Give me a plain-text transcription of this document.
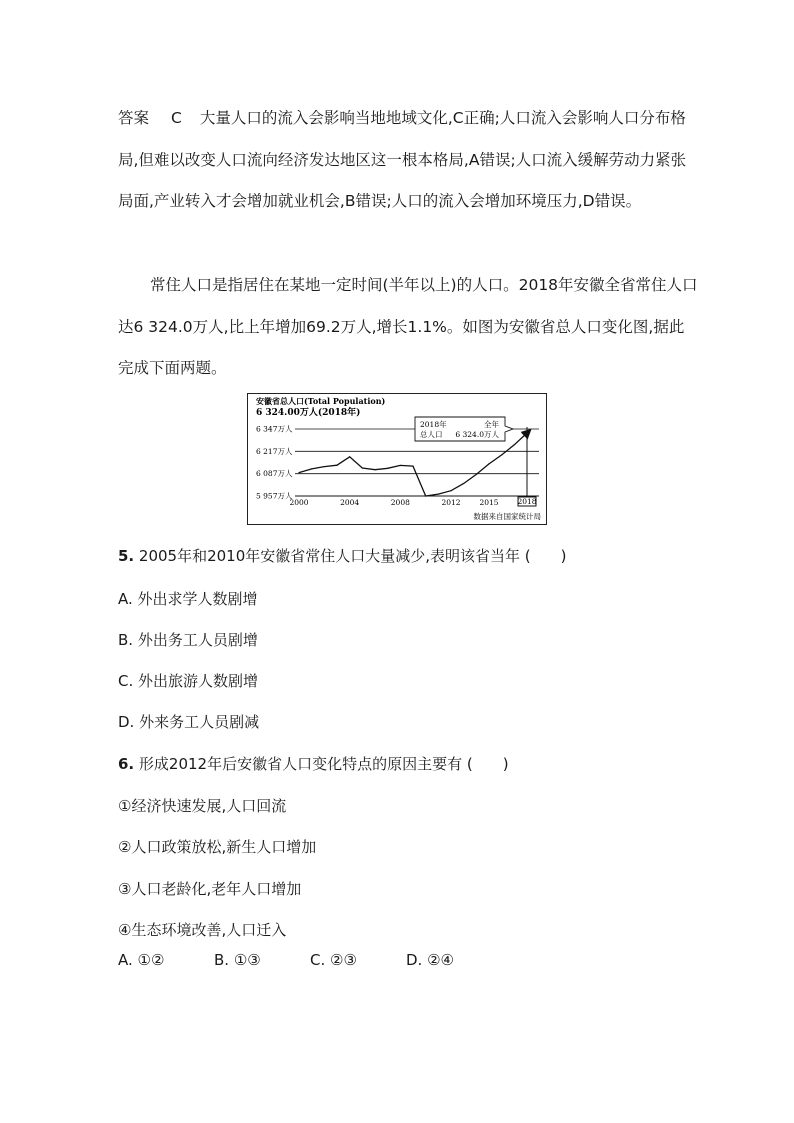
答案 C 大量人口的流入会影响当地地域文化,C正确;人口流入会影响人口分布格局,但难以改变人口流向经济发达地区这一根本格局,A错误;人口流入缓解劳动力紧张局面,产业转入才会增加就业机会,B错误;人口的流入会增加环境压力,D错误。

常住人口是指居住在某地一定时间(半年以上)的人口。2018年安徽全省常住人口达6 324.0万人,比上年增加69.2万人,增长1.1%。如图为安徽省总人口变化图,据此完成下面两题。

安徽省总人口(Total Population)
6 324.00万人(2018年)
6 347万人
6 217万人
6 087万人
5 957万人
2000	2004	2008	2012	2015
2018年	全年
总人口 6 324.0万人
数据来自国家统计局
2018

5. 2005年和2010年安徽省常住人口大量减少,表明该省当年 (　　)

A. 外出求学人数剧增

B. 外出务工人员剧增

C. 外出旅游人数剧增

D. 外来务工人员剧减

6. 形成2012年后安徽省人口变化特点的原因主要有 (　　)

①经济快速发展,人口回流

②人口政策放松,新生人口增加

③人口老龄化,老年人口增加

④生态环境改善,人口迁入

A. ①②	B. ①③	C. ②③	D. ②④
